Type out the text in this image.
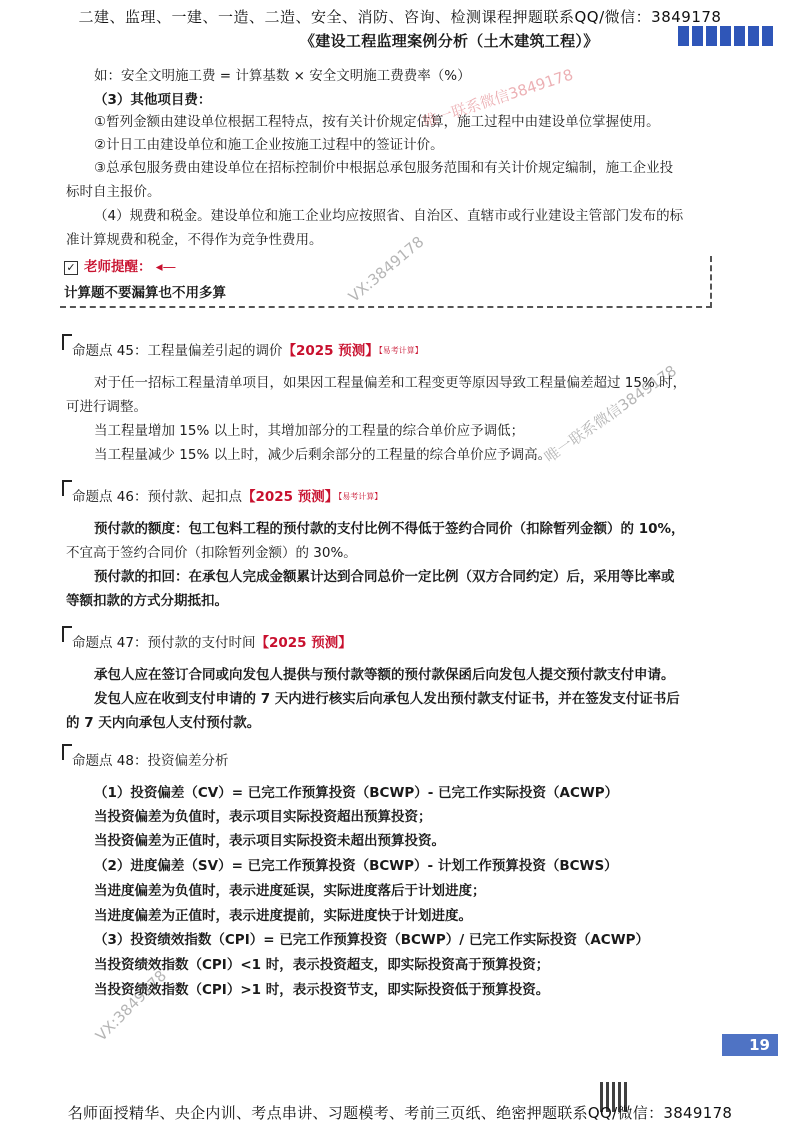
二建、监理、一建、一造、二造、安全、消防、咨询、检测课程押题联系QQ/微信：3849178
《建设工程监理案例分析（土木建筑工程）》
如：安全文明施工费 = 计算基数 × 安全文明施工费费率（%）
（3）其他项目费：
①暂列金额由建设单位根据工程特点，按有关计价规定估算，施工过程中由建设单位掌握使用。
②计日工由建设单位和施工企业按施工过程中的签证计价。
③总承包服务费由建设单位在招标控制价中根据总承包服务范围和有关计价规定编制，施工企业投
标时自主报价。
（4）规费和税金。建设单位和施工企业均应按照省、自治区、直辖市或行业建设主管部门发布的标
准计算规费和税金，不得作为竞争性费用。
✓ 老师提醒： ◂—
计算题不要漏算也不用多算
命题点 45：工程量偏差引起的调价【2025 预测】$^{【易考计算】}$
对于任一招标工程量清单项目，如果因工程量偏差和工程变更等原因导致工程量偏差超过 15% 时，
可进行调整。
当工程量增加 15% 以上时，其增加部分的工程量的综合单价应予调低；
当工程量减少 15% 以上时，减少后剩余部分的工程量的综合单价应予调高。
命题点 46：预付款、起扣点【2025 预测】$^{【易考计算】}$
预付款的额度：包工包料工程的预付款的支付比例不得低于签约合同价（扣除暂列金额）的 10%，
不宜高于签约合同价（扣除暂列金额）的 30%。
预付款的扣回：在承包人完成金额累计达到合同总价一定比例（双方合同约定）后，采用等比率或
等额扣款的方式分期抵扣。
命题点 47：预付款的支付时间【2025 预测】
承包人应在签订合同或向发包人提供与预付款等额的预付款保函后向发包人提交预付款支付申请。
发包人应在收到支付申请的 7 天内进行核实后向承包人发出预付款支付证书，并在签发支付证书后
的 7 天内向承包人支付预付款。
命题点 48：投资偏差分析
（1）投资偏差（CV）= 已完工作预算投资（BCWP）- 已完工作实际投资（ACWP）
当投资偏差为负值时，表示项目实际投资超出预算投资；
当投资偏差为正值时，表示项目实际投资未超出预算投资。
（2）进度偏差（SV）= 已完工作预算投资（BCWP）- 计划工作预算投资（BCWS）
当进度偏差为负值时，表示进度延误，实际进度落后于计划进度；
当进度偏差为正值时，表示进度提前，实际进度快于计划进度。
（3）投资绩效指数（CPI）= 已完工作预算投资（BCWP）/ 已完工作实际投资（ACWP）
当投资绩效指数（CPI）<1 时，表示投资超支，即实际投资高于预算投资；
当投资绩效指数（CPI）>1 时，表示投资节支，即实际投资低于预算投资。
唯一联系微信3849178
VX:3849178
唯一联系微信3849178
VX:3849178
19
名师面授精华、央企内训、考点串讲、习题模考、考前三页纸、绝密押题联系QQ/微信：3849178
